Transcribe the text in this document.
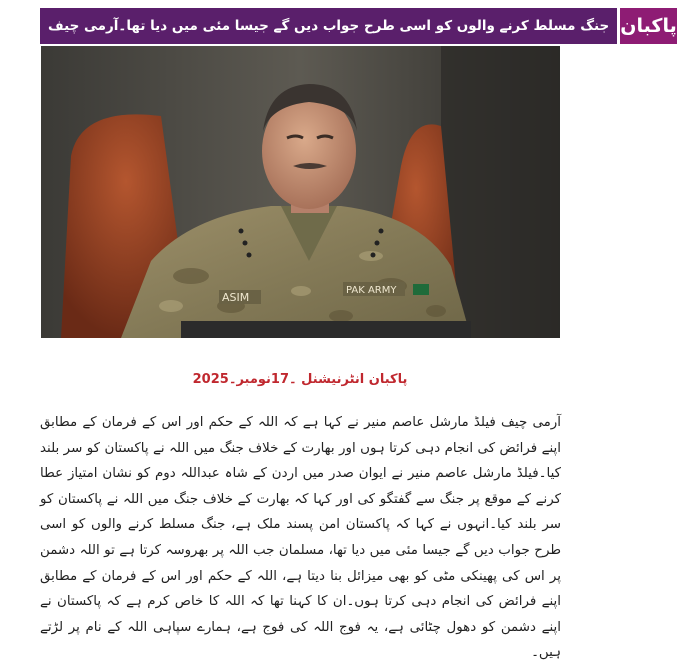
جنگ مسلط کرنے والوں کو اسی طرح جواب دیں گے جیسا مئی میں دیا تھا۔آرمی چیف پاکبان
ASIM
PAK ARMY
پاکبان انٹرنیشنل ۔17نومبر۔2025
آرمی چیف فیلڈ مارشل عاصم منیر نے کہا ہے کہ اللہ کے حکم اور اس کے فرمان کے مطابق اپنے فرائض کی انجام دہی کرتا ہوں اور بھارت کے خلاف جنگ میں اللہ نے پاکستان کو سر بلند کیا۔فیلڈ مارشل عاصم منیر نے ایوان صدر میں اردن کے شاہ عبداللہ دوم کو نشان امتیاز عطا کرنے کے موقع پر جنگ سے گفتگو کی اور کہا کہ بھارت کے خلاف جنگ میں اللہ نے پاکستان کو سر بلند کیا۔انہوں نے کہا کہ پاکستان امن پسند ملک ہے، جنگ مسلط کرنے والوں کو اسی طرح جواب دیں گے جیسا مئی میں دیا تھا، مسلمان جب اللہ پر بھروسہ کرتا ہے تو اللہ دشمن پر اس کی پھینکی مٹی کو بھی میزائل بنا دیتا ہے، اللہ کے حکم اور اس کے فرمان کے مطابق اپنے فرائض کی انجام دہی کرتا ہوں۔ان کا کہنا تھا کہ اللہ کا خاص کرم ہے کہ پاکستان نے اپنے دشمن کو دھول چٹائی ہے، یہ فوج اللہ کی فوج ہے، ہمارے سپاہی اللہ کے نام پر لڑتے ہیں۔
